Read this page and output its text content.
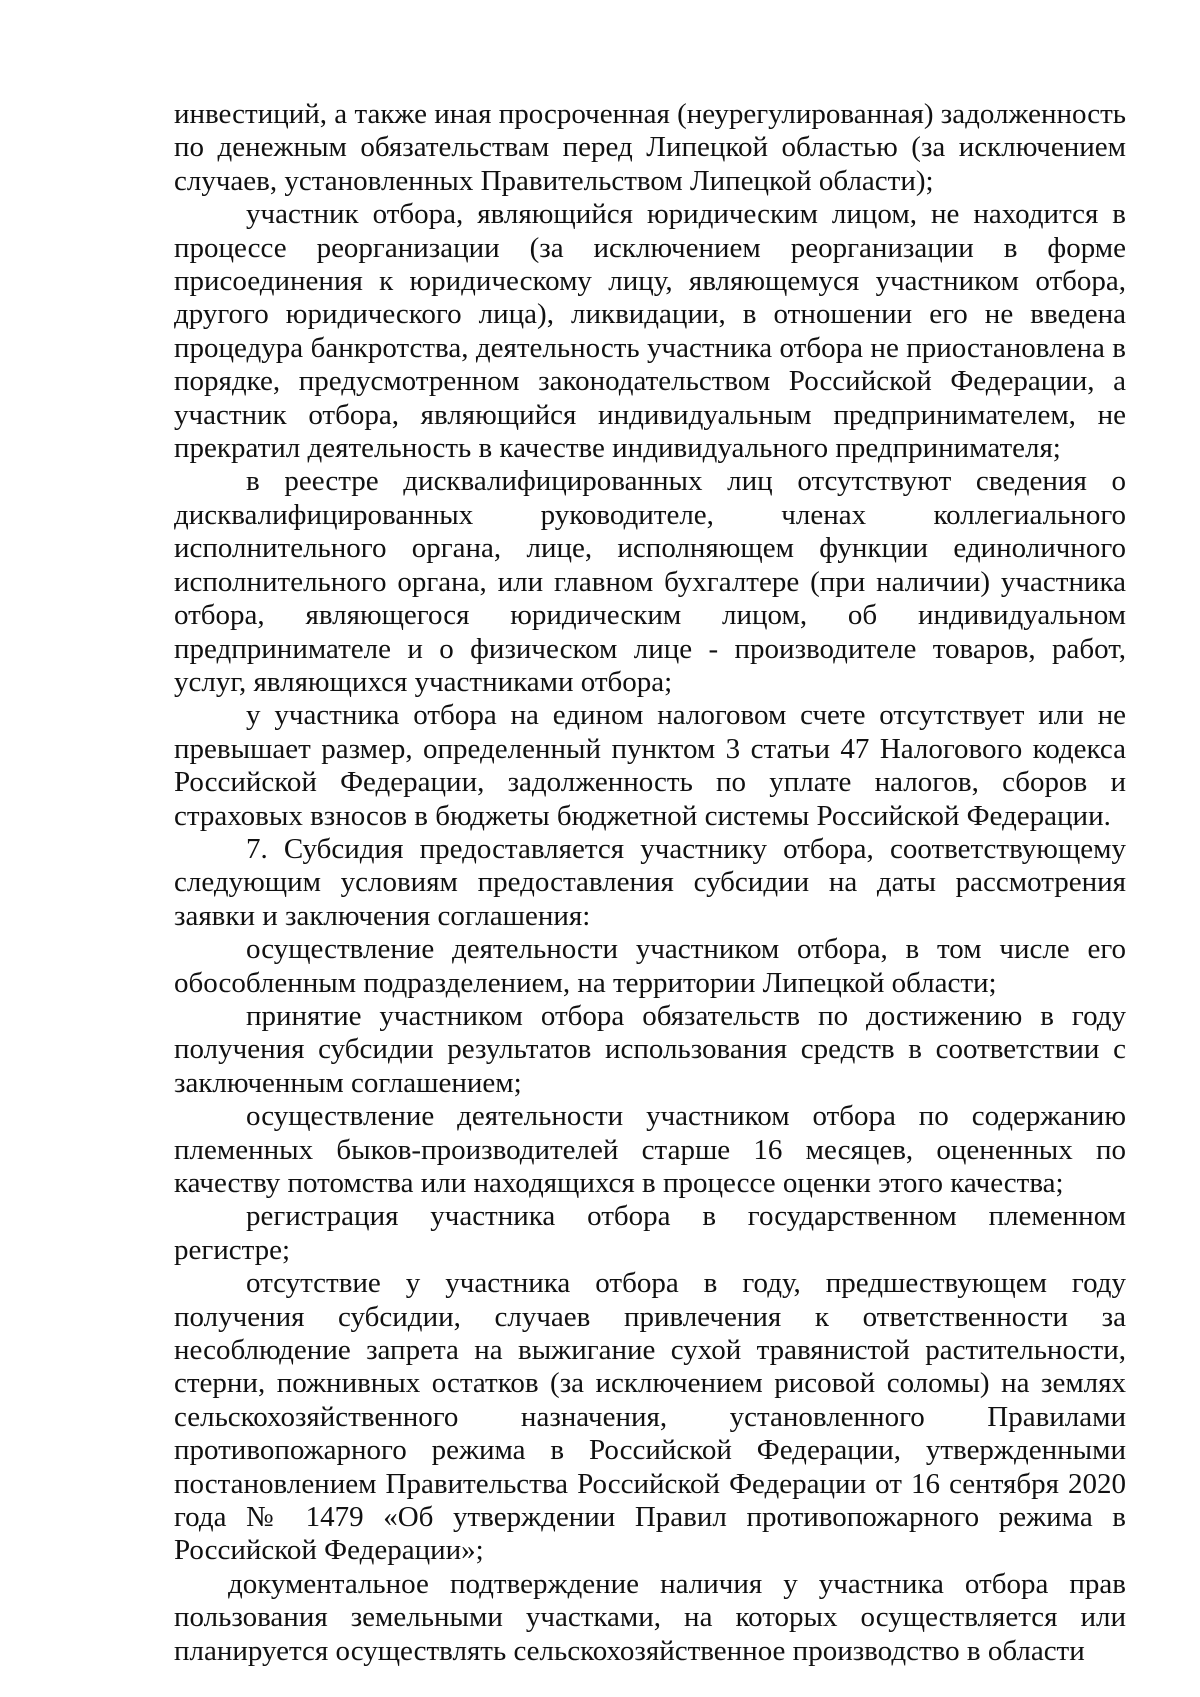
инвестиций, а также иная просроченная (неурегулированная) задолженность по денежным обязательствам перед Липецкой областью (за исключением случаев, установленных Правительством Липецкой области);

участник отбора, являющийся юридическим лицом, не находится в процессе реорганизации (за исключением реорганизации в форме присоединения к юридическому лицу, являющемуся участником отбора, другого юридического лица), ликвидации, в отношении его не введена процедура банкротства, деятельность участника отбора не приостановлена в порядке, предусмотренном законодательством Российской Федерации, а участник отбора, являющийся индивидуальным предпринимателем, не прекратил деятельность в качестве индивидуального предпринимателя;

в реестре дисквалифицированных лиц отсутствуют сведения о дисквалифицированных руководителе, членах коллегиального исполнительного органа, лице, исполняющем функции единоличного исполнительного органа, или главном бухгалтере (при наличии) участника отбора, являющегося юридическим лицом, об индивидуальном предпринимателе и о физическом лице - производителе товаров, работ, услуг, являющихся участниками отбора;

у участника отбора на едином налоговом счете отсутствует или не превышает размер, определенный пунктом 3 статьи 47 Налогового кодекса Российской Федерации, задолженность по уплате налогов, сборов и страховых взносов в бюджеты бюджетной системы Российской Федерации.

7. Субсидия предоставляется участнику отбора, соответствующему следующим условиям предоставления субсидии на даты рассмотрения заявки и заключения соглашения:

осуществление деятельности участником отбора, в том числе его обособленным подразделением, на территории Липецкой области;

принятие участником отбора обязательств по достижению в году получения субсидии результатов использования средств в соответствии с заключенным соглашением;

осуществление деятельности участником отбора по содержанию племенных быков-производителей старше 16 месяцев, оцененных по качеству потомства или находящихся в процессе оценки этого качества;

регистрация участника отбора в государственном племенном регистре;

отсутствие у участника отбора в году, предшествующем году получения субсидии, случаев привлечения к ответственности за несоблюдение запрета на выжигание сухой травянистой растительности, стерни, пожнивных остатков (за исключением рисовой соломы) на землях сельскохозяйственного назначения, установленного Правилами противопожарного режима в Российской Федерации, утвержденными постановлением Правительства Российской Федерации от 16 сентября 2020 года № 1479 «Об утверждении Правил противопожарного режима в Российской Федерации»;

документальное подтверждение наличия у участника отбора прав пользования земельными участками, на которых осуществляется или планируется осуществлять сельскохозяйственное производство в области
